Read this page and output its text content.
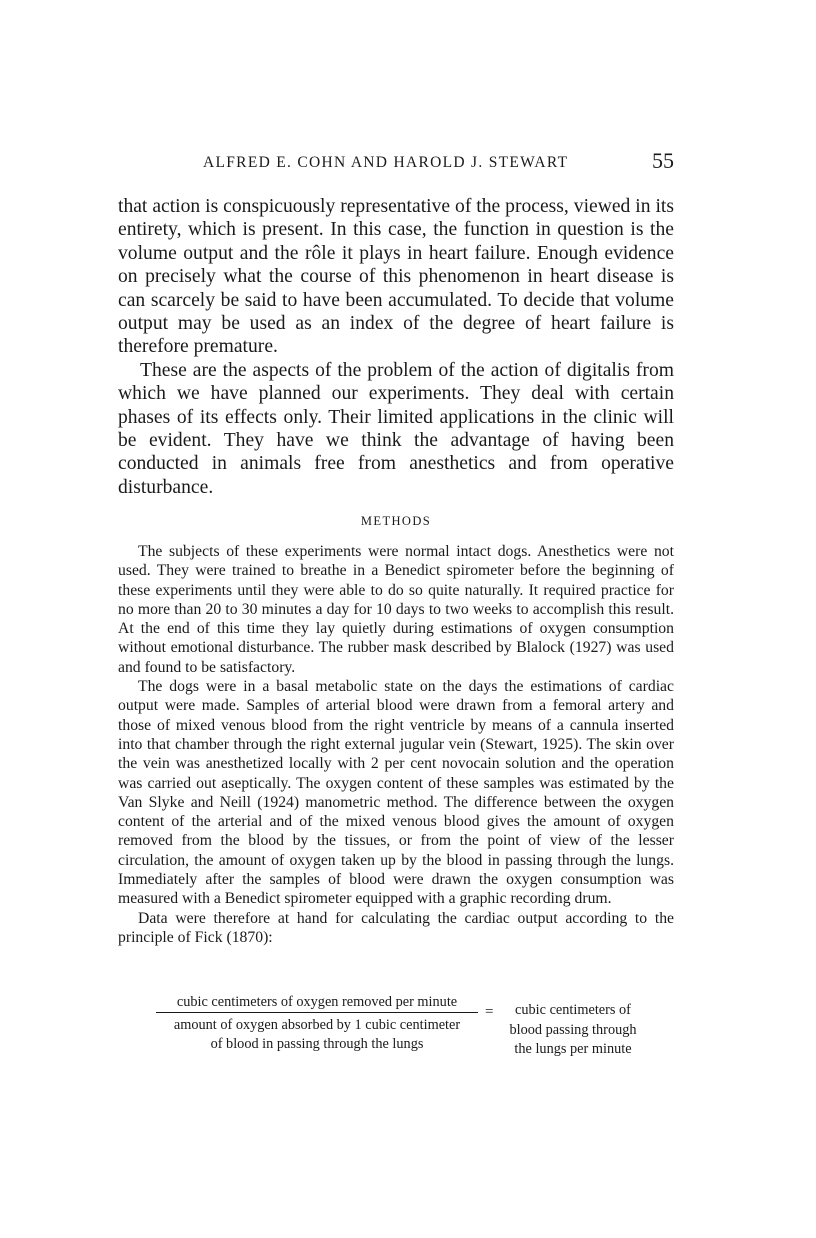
ALFRED E. COHN AND HAROLD J. STEWART	55

that action is conspicuously representative of the process, viewed in its entirety, which is present. In this case, the function in question is the volume output and the rôle it plays in heart failure. Enough evidence on precisely what the course of this phenomenon in heart disease is can scarcely be said to have been accumulated. To decide that volume output may be used as an index of the degree of heart failure is therefore premature.

These are the aspects of the problem of the action of digitalis from which we have planned our experiments. They deal with certain phases of its effects only. Their limited applications in the clinic will be evident. They have we think the advantage of having been conducted in animals free from anesthetics and from operative disturbance.

METHODS

The subjects of these experiments were normal intact dogs. Anesthetics were not used. They were trained to breathe in a Benedict spirometer before the beginning of these experiments until they were able to do so quite naturally. It required practice for no more than 20 to 30 minutes a day for 10 days to two weeks to accomplish this result. At the end of this time they lay quietly during estimations of oxygen consumption without emotional disturbance. The rubber mask described by Blalock (1927) was used and found to be satisfactory.

The dogs were in a basal metabolic state on the days the estimations of cardiac output were made. Samples of arterial blood were drawn from a femoral artery and those of mixed venous blood from the right ventricle by means of a cannula inserted into that chamber through the right external jugular vein (Stewart, 1925). The skin over the vein was anesthetized locally with 2 per cent novocain solution and the operation was carried out aseptically. The oxygen content of these samples was estimated by the Van Slyke and Neill (1924) manometric method. The difference between the oxygen content of the arterial and of the mixed venous blood gives the amount of oxygen removed from the blood by the tissues, or from the point of view of the lesser circulation, the amount of oxygen taken up by the blood in passing through the lungs. Immediately after the samples of blood were drawn the oxygen consumption was measured with a Benedict spirometer equipped with a graphic recording drum.

Data were therefore at hand for calculating the cardiac output according to the principle of Fick (1870):

cubic centimeters of oxygen removed per minute
amount of oxygen absorbed by 1 cubic centimeter
of blood in passing through the lungs
=	cubic centimeters of
blood passing through
the lungs per minute
